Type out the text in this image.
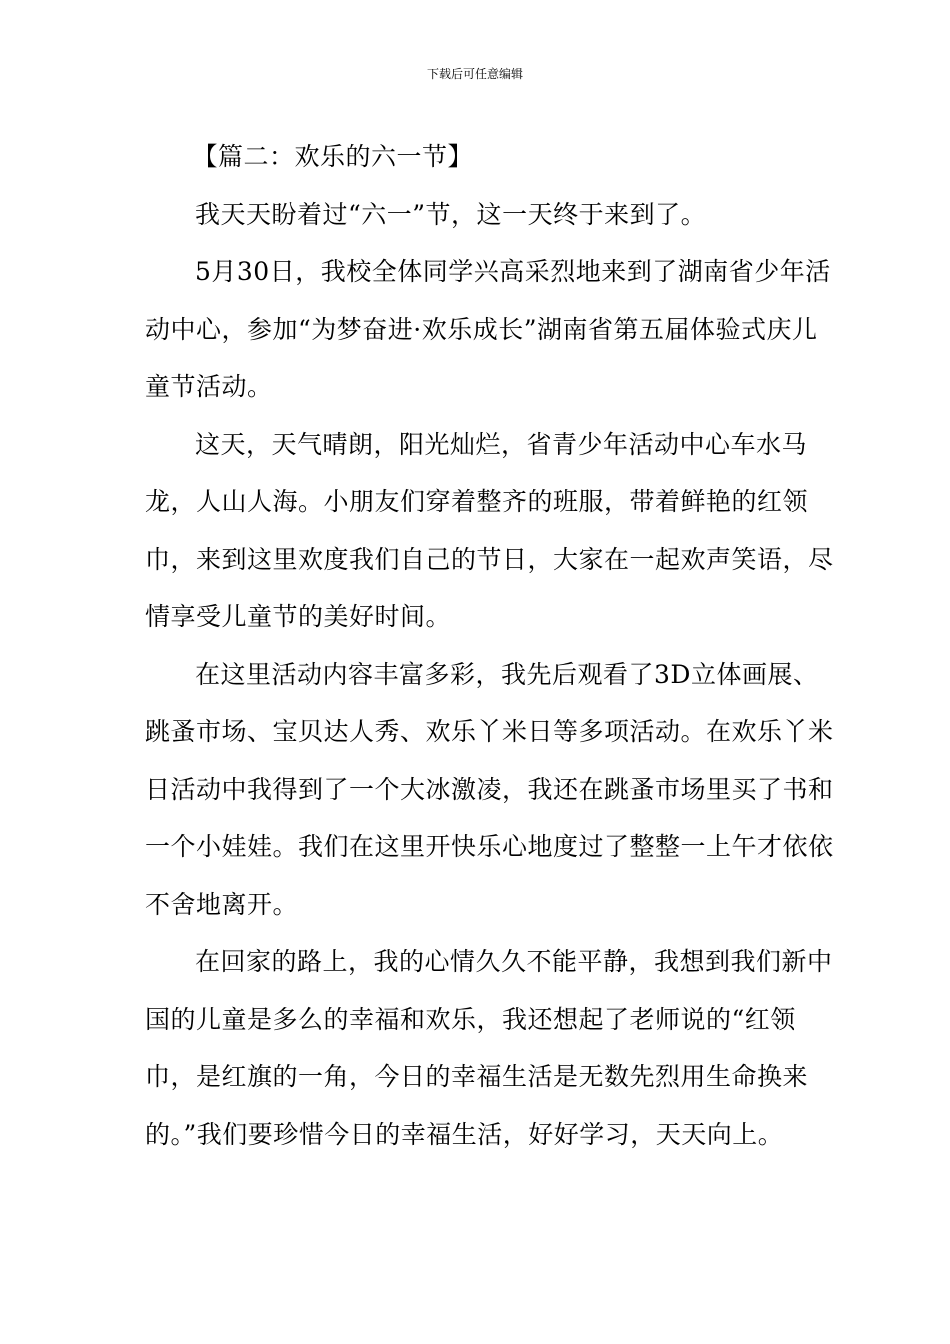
下载后可任意编辑

【篇二：欢乐的六一节】

我天天盼着过“六一”节，这一天终于来到了。

5月30日，我校全体同学兴高采烈地来到了湖南省少年活动中心，参加“为梦奋进·欢乐成长”湖南省第五届体验式庆儿童节活动。

这天，天气晴朗，阳光灿烂，省青少年活动中心车水马龙，人山人海。小朋友们穿着整齐的班服，带着鲜艳的红领巾，来到这里欢度我们自己的节日，大家在一起欢声笑语，尽情享受儿童节的美好时间。

在这里活动内容丰富多彩，我先后观看了3D立体画展、跳蚤市场、宝贝达人秀、欢乐丫米日等多项活动。在欢乐丫米日活动中我得到了一个大冰激凌，我还在跳蚤市场里买了书和一个小娃娃。我们在这里开快乐心地度过了整整一上午才依依不舍地离开。

在回家的路上，我的心情久久不能平静，我想到我们新中国的儿童是多么的幸福和欢乐，我还想起了老师说的“红领巾，是红旗的一角，今日的幸福生活是无数先烈用生命换来的。”我们要珍惜今日的幸福生活，好好学习，天天向上。
